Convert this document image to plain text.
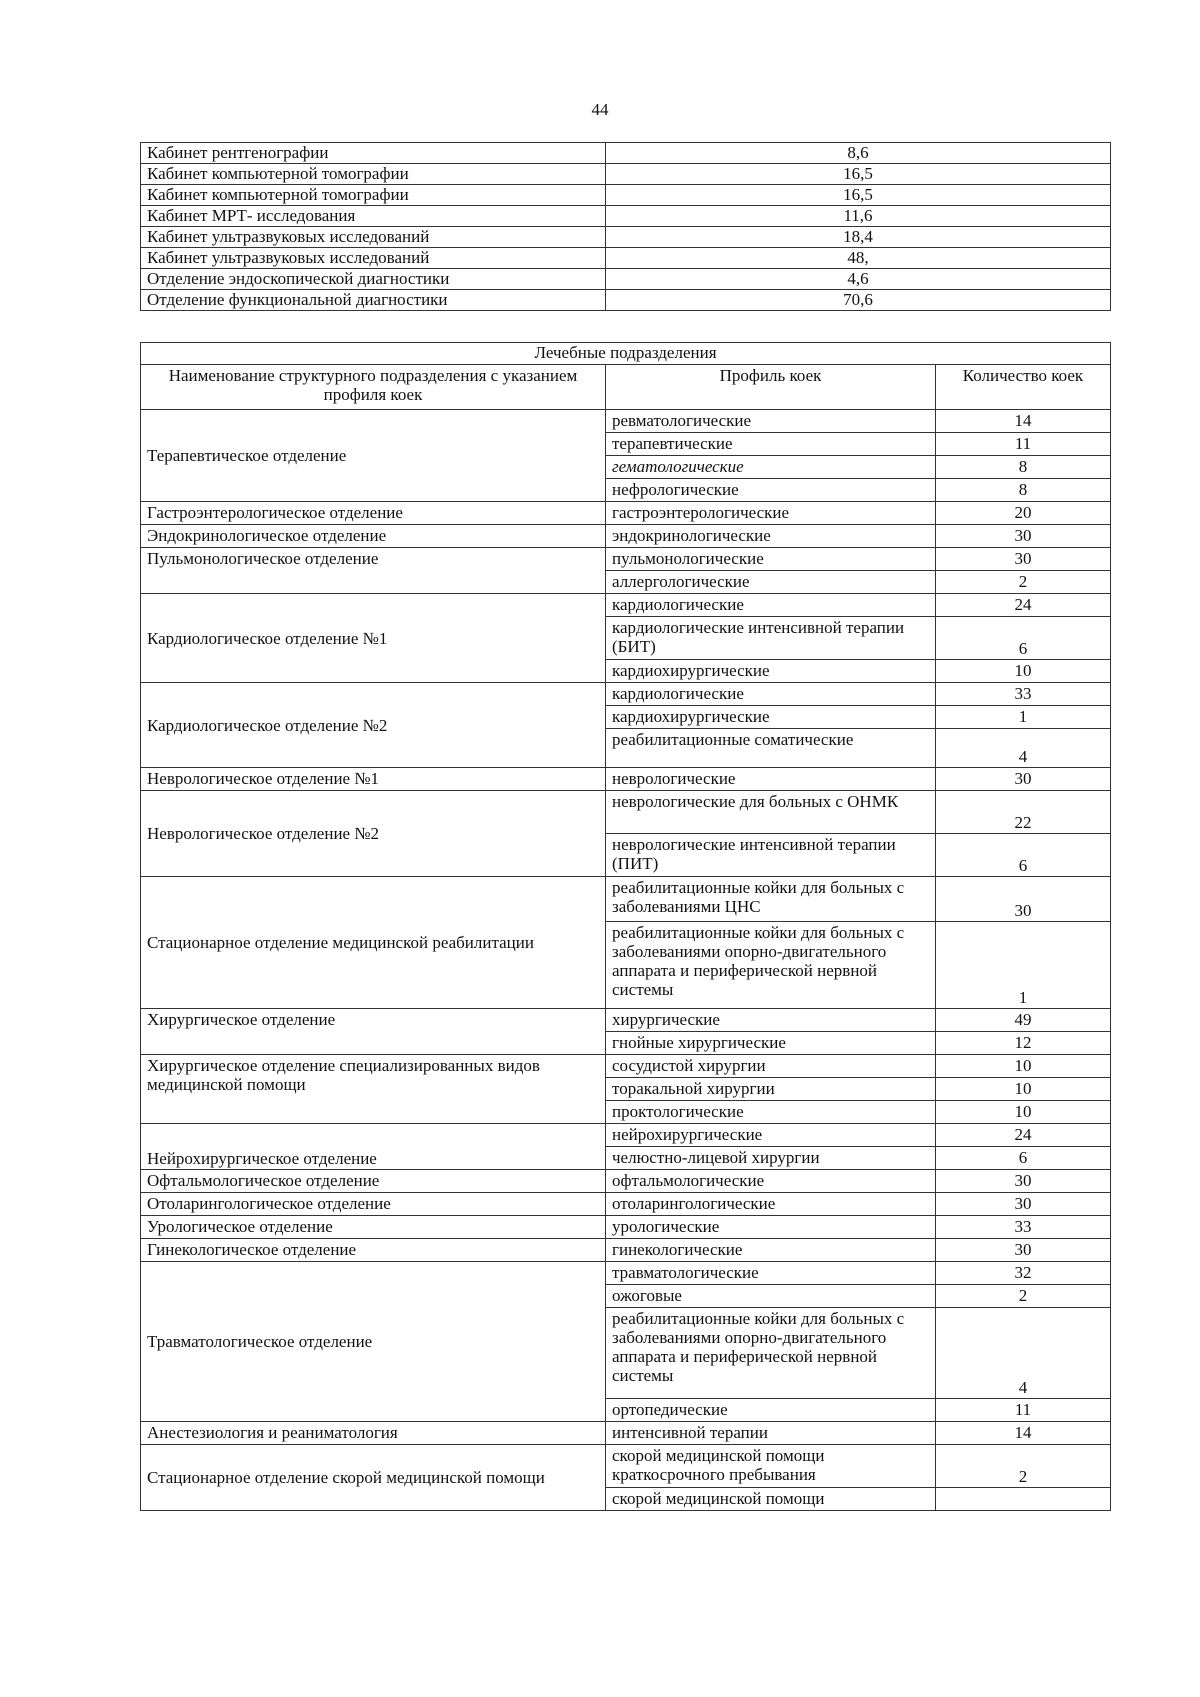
44
Кабинет рентгенографии	8,6
Кабинет компьютерной томографии	16,5
Кабинет компьютерной томографии	16,5
Кабинет МРТ- исследования	11,6
Кабинет ультразвуковых исследований	18,4
Кабинет ультразвуковых исследований	48,
Отделение эндоскопической диагностики	4,6
Отделение функциональной диагностики	70,6
Лечебные подразделения
Наименование структурного подразделения с указанием профиля коек	Профиль коек	Количество коек
Терапевтическое отделение	ревматологические	14
	терапевтические	11
	гематологические	8
	нефрологические	8
Гастроэнтерологическое отделение	гастроэнтерологические	20
Эндокринологическое отделение	эндокринологические	30
Пульмонологическое отделение	пульмонологические	30
	аллергологические	2
Кардиологическое отделение №1	кардиологические	24
	кардиологические интенсивной терапии (БИТ)	6
	кардиохирургические	10
Кардиологическое отделение №2	кардиологические	33
	кардиохирургические	1
	реабилитационные соматические	4
Неврологическое отделение №1	неврологические	30
Неврологическое отделение №2	неврологические для больных с ОНМК	22
	неврологические интенсивной терапии (ПИТ)	6
Стационарное отделение медицинской реабилитации	реабилитационные койки для больных с заболеваниями ЦНС	30
	реабилитационные койки для больных с заболеваниями опорно-двигательного аппарата и периферической нервной системы	1
Хирургическое отделение	хирургические	49
	гнойные хирургические	12
Хирургическое отделение специализированных видов медицинской помощи	сосудистой хирургии	10
	торакальной хирургии	10
	проктологические	10
Нейрохирургическое отделение	нейрохирургические	24
	челюстно-лицевой хирургии	6
Офтальмологическое отделение	офтальмологические	30
Отоларингологическое отделение	отоларингологические	30
Урологическое отделение	урологические	33
Гинекологическое отделение	гинекологические	30
Травматологическое отделение	травматологические	32
	ожоговые	2
	реабилитационные койки для больных с заболеваниями опорно-двигательного аппарата и периферической нервной системы	4
	ортопедические	11
Анестезиология и реаниматология	интенсивной терапии	14
Стационарное отделение скорой медицинской помощи	скорой медицинской помощи краткосрочного пребывания	2
	скорой медицинской помощи	
